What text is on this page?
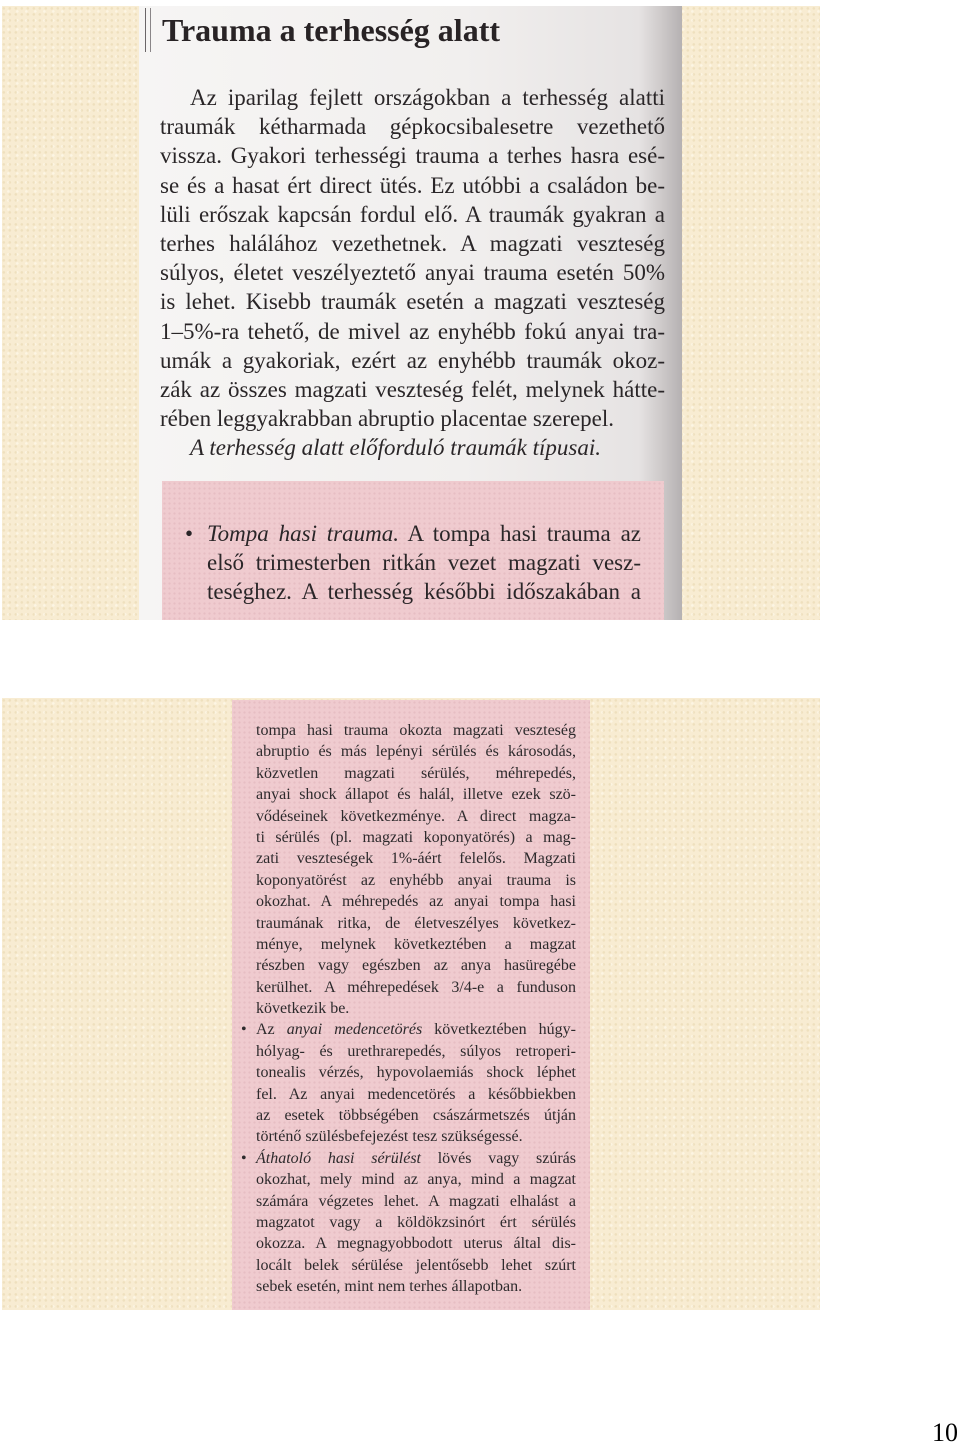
Trauma a terhesség alatt
Az iparilag fejlett országokban a terhesség alatti
traumák kétharmada gépkocsibalesetre vezethető
vissza. Gyakori terhességi trauma a terhes hasra esé-
se és a hasat ért direct ütés. Ez utóbbi a családon be-
lüli erőszak kapcsán fordul elő. A traumák gyakran a
terhes halálához vezethetnek. A magzati veszteség
súlyos, életet veszélyeztető anyai trauma esetén 50%
is lehet. Kisebb traumák esetén a magzati veszteség
1–5%-ra tehető, de mivel az enyhébb fokú anyai tra-
umák a gyakoriak, ezért az enyhébb traumák okoz-
zák az összes magzati veszteség felét, melynek hátte-
rében leggyakrabban abruptio placentae szerepel.
A terhesség alatt előforduló traumák típusai.
• Tompa hasi trauma. A tompa hasi trauma az
első trimesterben ritkán vezet magzati vesz-
teséghez. A terhesség későbbi időszakában a
tompa hasi trauma okozta magzati veszteség
abruptio és más lepényi sérülés és károsodás,
közvetlen magzati sérülés, méhrepedés,
anyai shock állapot és halál, illetve ezek szö-
vődéseinek következménye. A direct magza-
ti sérülés (pl. magzati koponyatörés) a mag-
zati veszteségek 1%-áért felelős. Magzati
koponyatörést az enyhébb anyai trauma is
okozhat. A méhrepedés az anyai tompa hasi
traumának ritka, de életveszélyes következ-
ménye, melynek következtében a magzat
részben vagy egészben az anya hasüregébe
kerülhet. A méhrepedések 3/4-e a funduson
következik be.
• Az anyai medencetörés következtében húgy-
hólyag- és urethrarepedés, súlyos retroperi-
tonealis vérzés, hypovolaemiás shock léphet
fel. Az anyai medencetörés a későbbiekben
az esetek többségében császármetszés útján
történő szülésbefejezést tesz szükségessé.
• Áthatoló hasi sérülést lövés vagy szúrás
okozhat, mely mind az anya, mind a magzat
számára végzetes lehet. A magzati elhalást a
magzatot vagy a köldökzsinórt ért sérülés
okozza. A megnagyobbodott uterus által dis-
locált belek sérülése jelentősebb lehet szúrt
sebek esetén, mint nem terhes állapotban.
10
